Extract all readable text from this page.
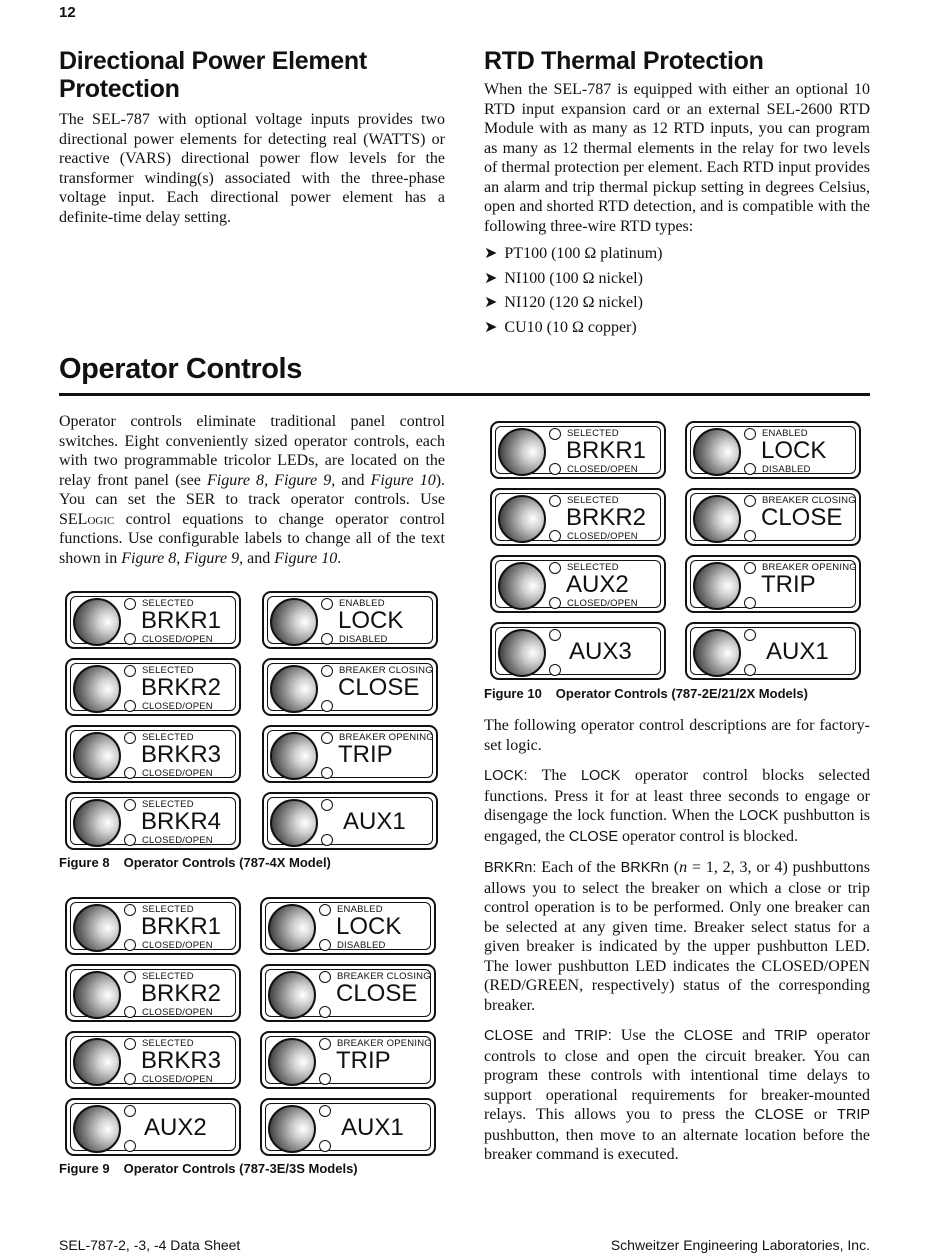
12
Directional Power Element
Protection

The SEL-787 with optional voltage inputs provides two directional power elements for detecting real (WATTS) or reactive (VARS) directional power flow levels for the transformer winding(s) associated with the three-phase voltage input. Each directional power element has a definite-time delay setting.

RTD Thermal Protection

When the SEL-787 is equipped with either an optional 10 RTD input expansion card or an external SEL-2600 RTD Module with as many as 12 RTD inputs, you can program as many as 12 thermal elements in the relay for two levels of thermal protection per element. Each RTD input provides an alarm and trip thermal pickup setting in degrees Celsius, open and shorted RTD detection, and is compatible with the following three-wire RTD types:

➤ PT100 (100 Ω platinum)
➤ NI100 (100 Ω nickel)
➤ NI120 (120 Ω nickel)
➤ CU10 (10 Ω copper)
Operator Controls

Operator controls eliminate traditional panel control switches. Eight conveniently sized operator controls, each with two programmable tricolor LEDs, are located on the relay front panel (see Figure 8, Figure 9, and Figure 10). You can set the SER to track operator controls. Use SELogic control equations to change operator control functions. Use configurable labels to change all of the text shown in Figure 8, Figure 9, and Figure 10.

SELECTED
BRKR1
CLOSED/OPEN
ENABLED
LOCK
DISABLED
SELECTED
BRKR2
CLOSED/OPEN
BREAKER CLOSING
CLOSE
SELECTED
BRKR3
CLOSED/OPEN
BREAKER OPENING
TRIP
SELECTED
BRKR4
CLOSED/OPEN
AUX1
Figure 8 Operator Controls (787-4X Model)
SELECTED
BRKR1
CLOSED/OPEN
ENABLED
LOCK
DISABLED
SELECTED
BRKR2
CLOSED/OPEN
BREAKER CLOSING
CLOSE
SELECTED
BRKR3
CLOSED/OPEN
BREAKER OPENING
TRIP
AUX2	AUX1
Figure 9 Operator Controls (787-3E/3S Models)
SELECTED
BRKR1
CLOSED/OPEN
ENABLED
LOCK
DISABLED
SELECTED
BRKR2
CLOSED/OPEN
BREAKER CLOSING
CLOSE
SELECTED
AUX2
CLOSED/OPEN
BREAKER OPENING
TRIP
AUX3	AUX1
Figure 10 Operator Controls (787-2E/21/2X Models)

The following operator control descriptions are for factory-set logic.

LOCK: The LOCK operator control blocks selected functions. Press it for at least three seconds to engage or disengage the lock function. When the LOCK pushbutton is engaged, the CLOSE operator control is blocked.

BRKRn: Each of the BRKRn (n = 1, 2, 3, or 4) pushbuttons allows you to select the breaker on which a close or trip control operation is to be performed. Only one breaker can be selected at any given time. Breaker select status for a given breaker is indicated by the upper pushbutton LED. The lower pushbutton LED indicates the CLOSED/OPEN (RED/GREEN, respectively) status of the corresponding breaker.

CLOSE and TRIP: Use the CLOSE and TRIP operator controls to close and open the circuit breaker. You can program these controls with intentional time delays to support operational requirements for breaker-mounted relays. This allows you to press the CLOSE or TRIP pushbutton, then move to an alternate location before the breaker command is executed.

SEL-787-2, -3, -4 Data Sheet	Schweitzer Engineering Laboratories, Inc.
